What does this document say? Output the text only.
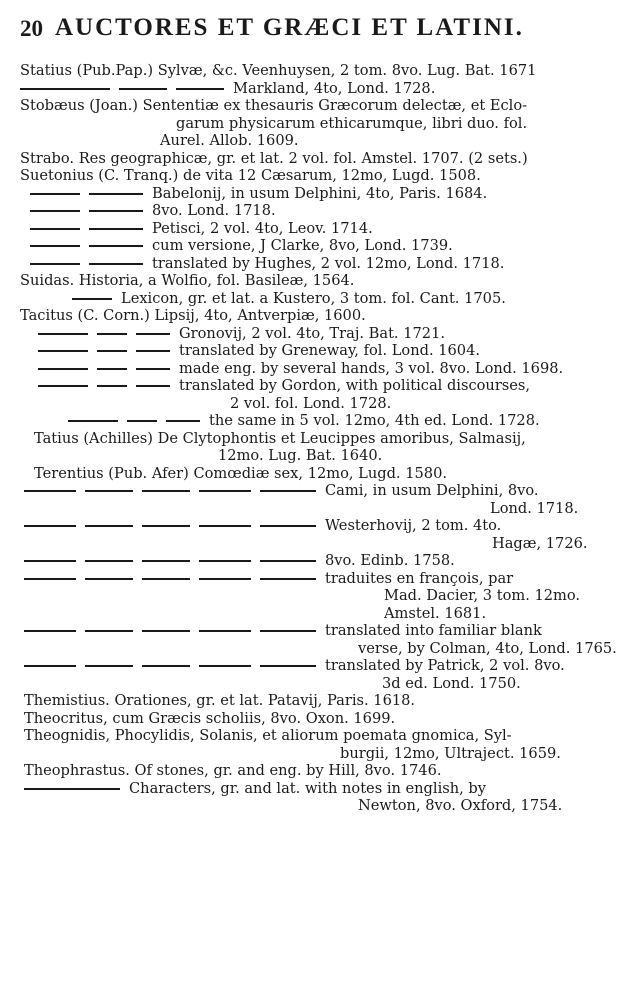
20 AUCTORES ET GRÆCI ET LATINI.
Statius (Pub.Pap.) Sylvæ, &c. Veenhuysen, 2 tom. 8vo. Lug. Bat. 1671
Markland, 4to, Lond. 1728.
Stobæus (Joan.) Sententiæ ex thesauris Græcorum delectæ, et Eclo-
garum physicarum ethicarumque, libri duo. fol.
Aurel. Allob. 1609.
Strabo. Res geographicæ, gr. et lat. 2 vol. fol. Amstel. 1707. (2 sets.)
Suetonius (C. Tranq.) de vita 12 Cæsarum, 12mo, Lugd. 1508.
Babelonij, in usum Delphini, 4to, Paris. 1684.
8vo. Lond. 1718.
Petisci, 2 vol. 4to, Leov. 1714.
cum versione, J Clarke, 8vo, Lond. 1739.
translated by Hughes, 2 vol. 12mo, Lond. 1718.
Suidas. Historia, a Wolfio, fol. Basileæ, 1564.
Lexicon, gr. et lat. a Kustero, 3 tom. fol. Cant. 1705.
Tacitus (C. Corn.) Lipsij, 4to, Antverpiæ, 1600.
Gronovij, 2 vol. 4to, Traj. Bat. 1721.
translated by Greneway, fol. Lond. 1604.
made eng. by several hands, 3 vol. 8vo. Lond. 1698.
translated by Gordon, with political discourses,
2 vol. fol. Lond. 1728.
the same in 5 vol. 12mo, 4th ed. Lond. 1728.
Tatius (Achilles) De Clytophontis et Leucippes amoribus, Salmasij,
12mo. Lug. Bat. 1640.
Terentius (Pub. Afer) Comœdiæ sex, 12mo, Lugd. 1580.
Cami, in usum Delphini, 8vo.
Lond. 1718.
Westerhovij, 2 tom. 4to.
Hagæ, 1726.
8vo. Edinb. 1758.
traduites en françois, par
Mad. Dacier, 3 tom. 12mo.
Amstel. 1681.
translated into familiar blank
verse, by Colman, 4to, Lond. 1765.
translated by Patrick, 2 vol. 8vo.
3d ed. Lond. 1750.
Themistius. Orationes, gr. et lat. Patavij, Paris. 1618.
Theocritus, cum Græcis scholiis, 8vo. Oxon. 1699.
Theognidis, Phocylidis, Solanis, et aliorum poemata gnomica, Syl-
burgii, 12mo, Ultraject. 1659.
Theophrastus. Of stones, gr. and eng. by Hill, 8vo. 1746.
Characters, gr. and lat. with notes in english, by
Newton, 8vo. Oxford, 1754.
